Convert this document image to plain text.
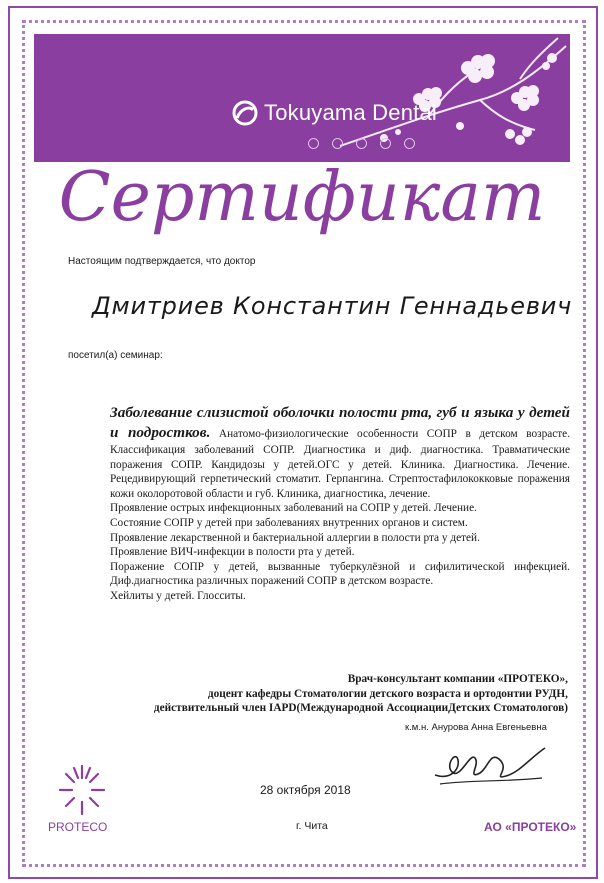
Tokuyama Dental
Сертификат
Настоящим подтверждается, что доктор
Дмитриев Константин Геннадьевич
посетил(а) семинар:
Заболевание слизистой оболочки полости рта, губ и языка у детей и подростков. Анатомо-физиологические особенности СОПР в детском возрасте. Классификация заболеваний СОПР. Диагностика и диф. диагностика. Травматические поражения СОПР. Кандидозы у детей.ОГС у детей. Клиника. Диагностика. Лечение. Рецедивирующий герпетический стоматит. Герпангина. Стрептостафилококковые поражения кожи околоротовой области и губ. Клиника, диагностика, лечение.
Проявление острых инфекционных заболеваний на СОПР у детей. Лечение.
Состояние СОПР у детей при заболеваниях внутренних органов и систем.
Проявление лекарственной и бактериальной аллергии в полости рта у детей.
Проявление ВИЧ-инфекции в полости рта у детей.
Поражение СОПР у детей, вызванные туберкулёзной и сифилитической инфекцией. Диф.диагностика различных поражений СОПР в детском возрасте.
Хейлиты у детей. Глосситы.
Врач-консультант компании «ПРОТЕКО»,
доцент кафедры Стоматологии детского возраста и ортодонтии РУДН,
действительный член IAPD(Международной АссоциацииДетских Стоматологов)
к.м.н. Анурова Анна Евгеньевна
PROTECO
28 октября 2018
г. Чита	АО «ПРОТЕКО»
